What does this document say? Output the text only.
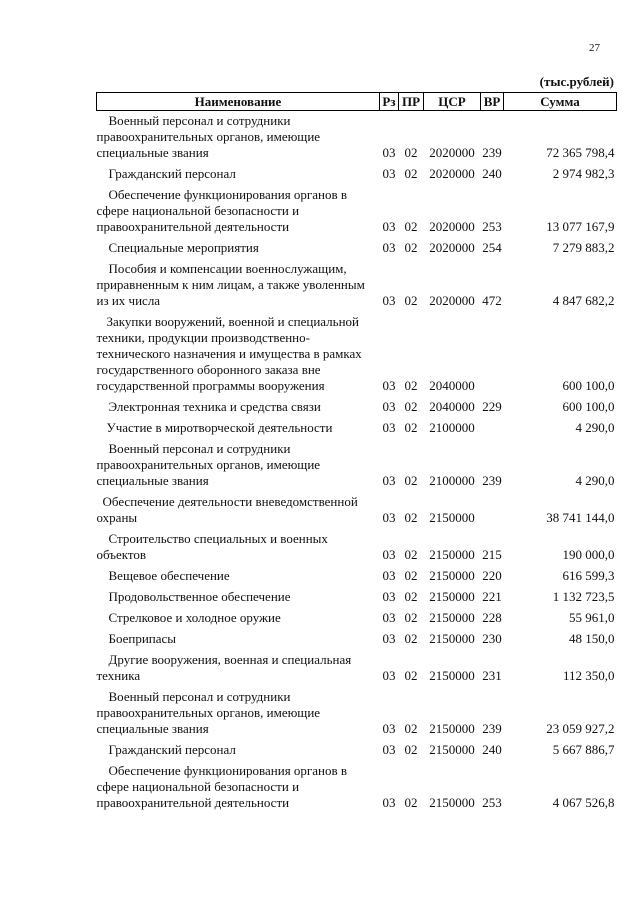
27
(тыс.рублей)
Наименование	Рз	ПР	ЦСР	ВР	Сумма
Военный персонал и сотрудники правоохранительных органов, имеющие специальные звания	03	02	2020000	239	72 365 798,4
Гражданский персонал	03	02	2020000	240	2 974 982,3
Обеспечение функционирования органов в сфере национальной безопасности и правоохранительной деятельности	03	02	2020000	253	13 077 167,9
Специальные мероприятия	03	02	2020000	254	7 279 883,2
Пособия и компенсации военнослужащим, приравненным к ним лицам, а также уволенным из их числа	03	02	2020000	472	4 847 682,2
Закупки вооружений, военной и специальной техники, продукции производственно-технического назначения и имущества в рамках государственного оборонного заказа вне государственной программы вооружения	03	02	2040000		600 100,0
Электронная техника и средства связи	03	02	2040000	229	600 100,0
Участие в миротворческой деятельности	03	02	2100000		4 290,0
Военный персонал и сотрудники правоохранительных органов, имеющие специальные звания	03	02	2100000	239	4 290,0
Обеспечение деятельности вневедомственной охраны	03	02	2150000		38 741 144,0
Строительство специальных и военных объектов	03	02	2150000	215	190 000,0
Вещевое обеспечение	03	02	2150000	220	616 599,3
Продовольственное обеспечение	03	02	2150000	221	1 132 723,5
Стрелковое и холодное оружие	03	02	2150000	228	55 961,0
Боеприпасы	03	02	2150000	230	48 150,0
Другие вооружения, военная и специальная техника	03	02	2150000	231	112 350,0
Военный персонал и сотрудники правоохранительных органов, имеющие специальные звания	03	02	2150000	239	23 059 927,2
Гражданский персонал	03	02	2150000	240	5 667 886,7
Обеспечение функционирования органов в сфере национальной безопасности и правоохранительной деятельности	03	02	2150000	253	4 067 526,8
